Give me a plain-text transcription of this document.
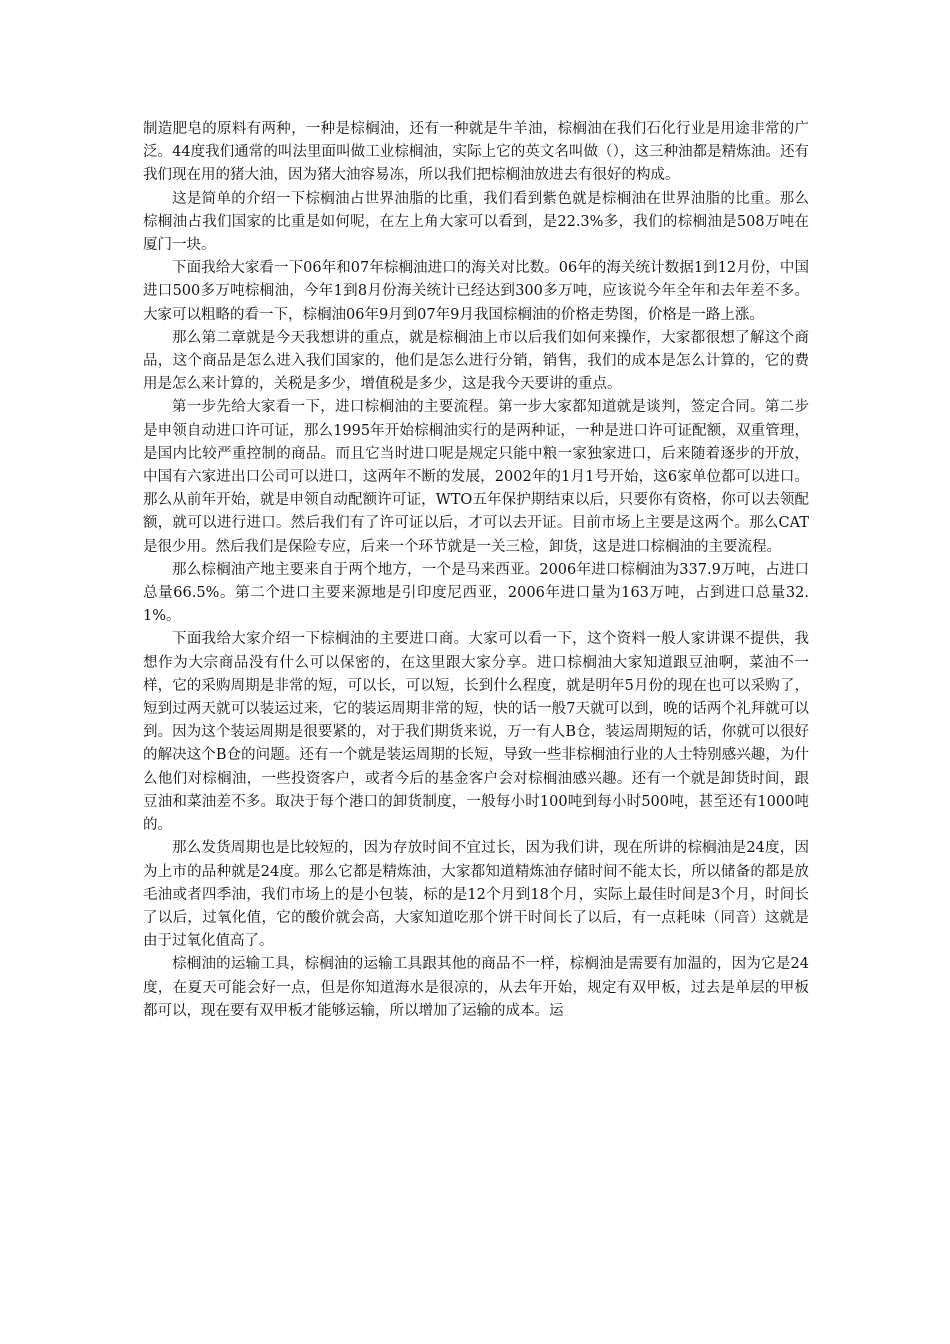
制造肥皂的原料有两种，一种是棕榈油，还有一种就是牛羊油，棕榈油在我们石化行业是用途非常的广泛。44度我们通常的叫法里面叫做工业棕榈油，实际上它的英文名叫做（），这三种油都是精炼油。还有我们现在用的猪大油，因为猪大油容易冻，所以我们把棕榈油放进去有很好的构成。

这是简单的介绍一下棕榈油占世界油脂的比重，我们看到紫色就是棕榈油在世界油脂的比重。那么棕榈油占我们国家的比重是如何呢，在左上角大家可以看到，是22.3%多，我们的棕榈油是508万吨在厦门一块。

下面我给大家看一下06年和07年棕榈油进口的海关对比数。06年的海关统计数据1到12月份，中国进口500多万吨棕榈油，今年1到8月份海关统计已经达到300多万吨，应该说今年全年和去年差不多。大家可以粗略的看一下，棕榈油06年9月到07年9月我国棕榈油的价格走势图，价格是一路上涨。

那么第二章就是今天我想讲的重点，就是棕榈油上市以后我们如何来操作，大家都很想了解这个商品，这个商品是怎么进入我们国家的，他们是怎么进行分销，销售，我们的成本是怎么计算的，它的费用是怎么来计算的，关税是多少，增值税是多少，这是我今天要讲的重点。

第一步先给大家看一下，进口棕榈油的主要流程。第一步大家都知道就是谈判，签定合同。第二步是申领自动进口许可证，那么1995年开始棕榈油实行的是两种证，一种是进口许可证配额，双重管理，是国内比较严重控制的商品。而且它当时进口呢是规定只能中粮一家独家进口，后来随着逐步的开放，中国有六家进出口公司可以进口，这两年不断的发展，2002年的1月1号开始，这6家单位都可以进口。那么从前年开始，就是申领自动配额许可证，WTO五年保护期结束以后，只要你有资格，你可以去领配额，就可以进行进口。然后我们有了许可证以后，才可以去开证。目前市场上主要是这两个。那么CAT是很少用。然后我们是保险专应，后来一个环节就是一关三检，卸货，这是进口棕榈油的主要流程。

那么棕榈油产地主要来自于两个地方，一个是马来西亚。2006年进口棕榈油为337.9万吨，占进口总量66.5%。第二个进口主要来源地是引印度尼西亚，2006年进口量为163万吨，占到进口总量32.1%。

下面我给大家介绍一下棕榈油的主要进口商。大家可以看一下，这个资料一般人家讲课不提供，我想作为大宗商品没有什么可以保密的，在这里跟大家分享。进口棕榈油大家知道跟豆油啊，菜油不一样，它的采购周期是非常的短，可以长，可以短，长到什么程度，就是明年5月份的现在也可以采购了，短到过两天就可以装运过来，它的装运周期非常的短，快的话一般7天就可以到，晚的话两个礼拜就可以到。因为这个装运周期是很要紧的，对于我们期货来说，万一有人B仓，装运周期短的话，你就可以很好的解决这个B仓的问题。还有一个就是装运周期的长短，导致一些非棕榈油行业的人士特别感兴趣，为什么他们对棕榈油，一些投资客户，或者今后的基金客户会对棕榈油感兴趣。还有一个就是卸货时间，跟豆油和菜油差不多。取决于每个港口的卸货制度，一般每小时100吨到每小时500吨，甚至还有1000吨的。

那么发货周期也是比较短的，因为存放时间不宜过长，因为我们讲，现在所讲的棕榈油是24度，因为上市的品种就是24度。那么它都是精炼油，大家都知道精炼油存储时间不能太长，所以储备的都是放毛油或者四季油，我们市场上的是小包装，标的是12个月到18个月，实际上最佳时间是3个月，时间长了以后，过氧化值，它的酸价就会高，大家知道吃那个饼干时间长了以后，有一点耗味（同音）这就是由于过氧化值高了。

棕榈油的运输工具，棕榈油的运输工具跟其他的商品不一样，棕榈油是需要有加温的，因为它是24度，在夏天可能会好一点，但是你知道海水是很凉的，从去年开始，规定有双甲板，过去是单层的甲板都可以，现在要有双甲板才能够运输，所以增加了运输的成本。运
